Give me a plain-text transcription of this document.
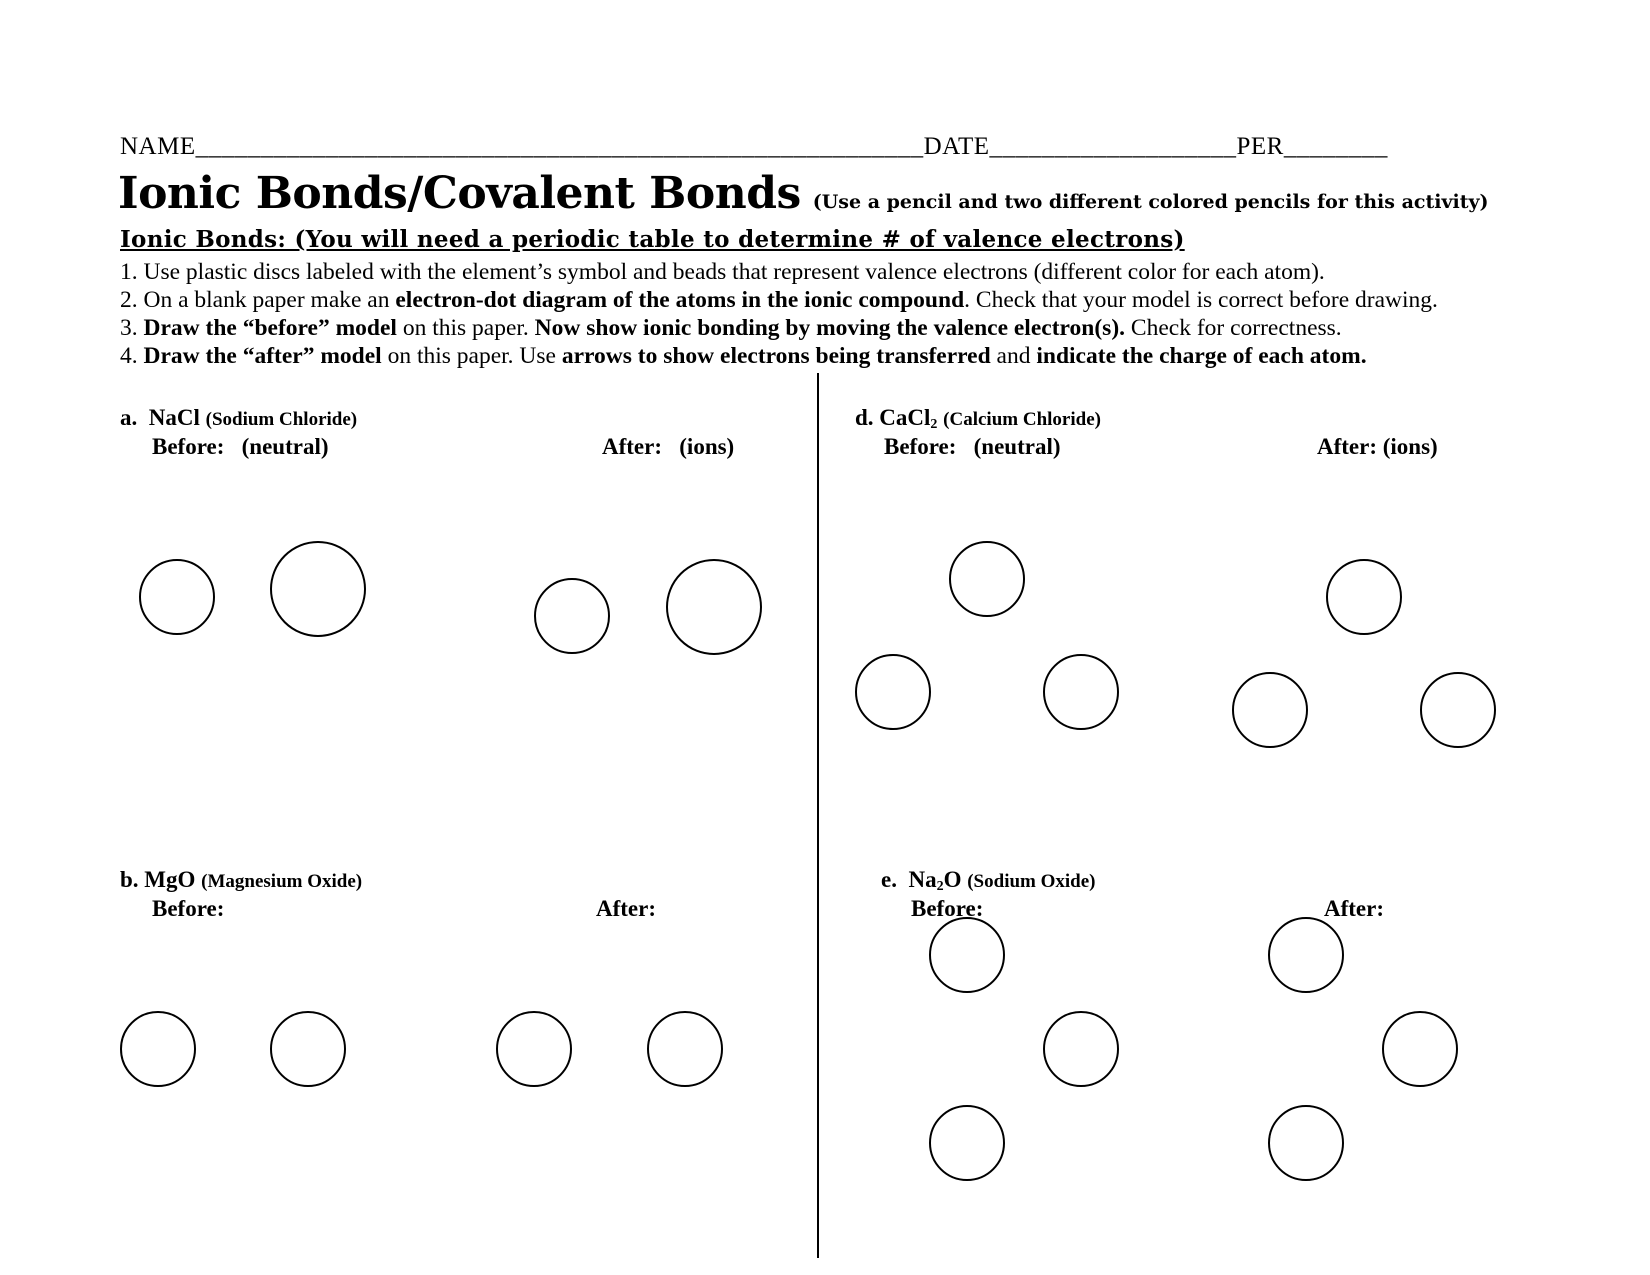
NAME________________________________________________________DATE___________________PER________
Ionic Bonds/Covalent Bonds (Use a pencil and two different colored pencils for this activity)
Ionic Bonds: (You will need a periodic table to determine # of valence electrons)
1. Use plastic discs labeled with the element’s symbol and beads that represent valence electrons (different color for each atom).
2. On a blank paper make an electron-dot diagram of the atoms in the ionic compound. Check that your model is correct before drawing.
3. Draw the “before” model on this paper. Now show ionic bonding by moving the valence electron(s). Check for correctness.
4. Draw the “after” model on this paper. Use arrows to show electrons being transferred and indicate the charge of each atom.
a. NaCl (Sodium Chloride)
Before: (neutral)	After: (ions)
d. CaCl$_2$ (Calcium Chloride)
Before: (neutral)	After: (ions)
b. MgO (Magnesium Oxide)
Before:	After:
e. $Na_2O$ (Sodium Oxide)
Before:	After:
